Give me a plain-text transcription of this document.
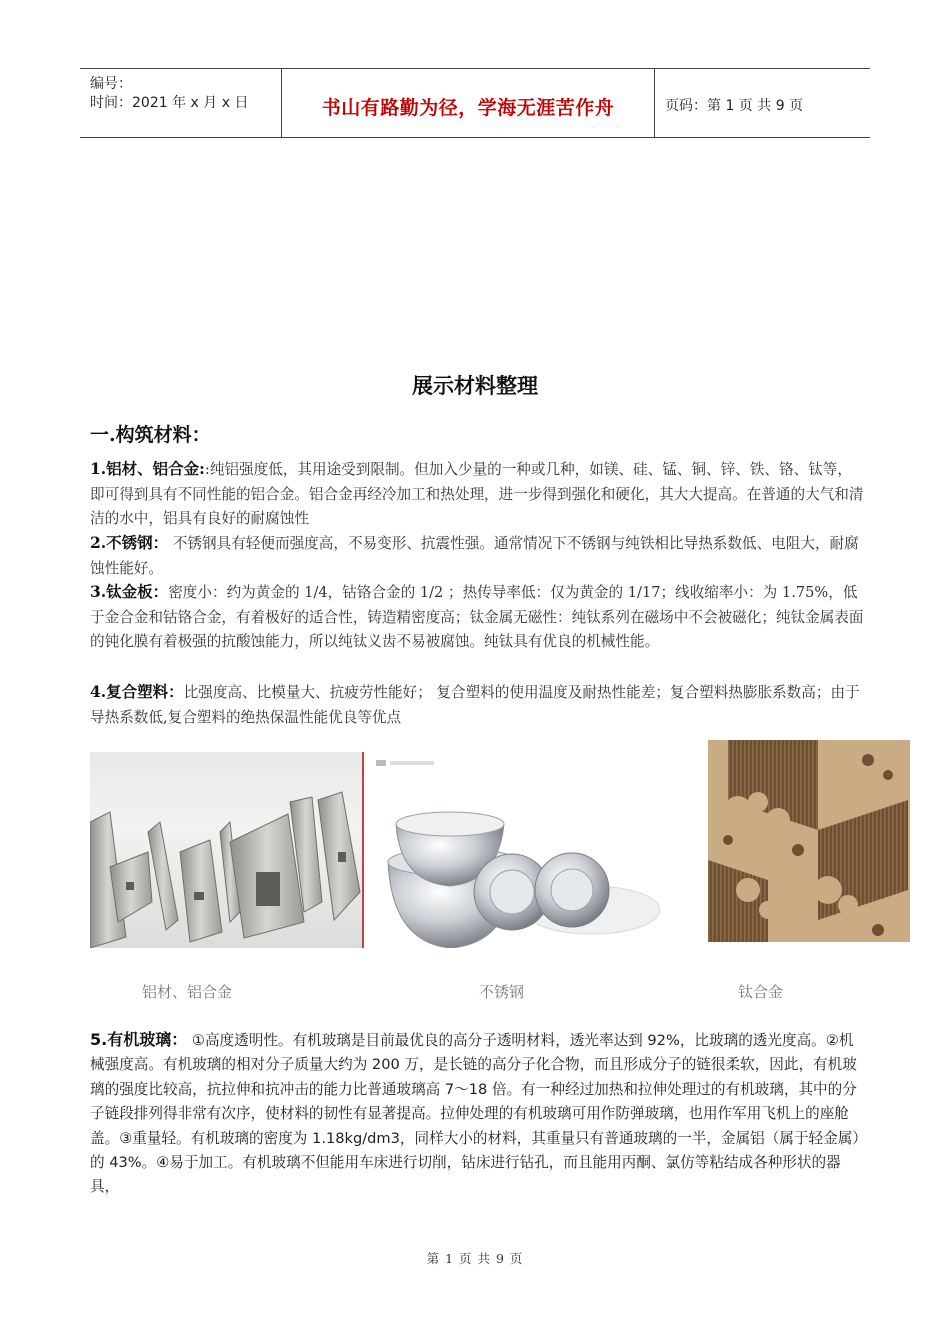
编号：
时间：2021 年 x 月 x 日	书山有路勤为径，学海无涯苦作舟	页码：第 1 页 共 9 页
展示材料整理
一.构筑材料：
1.铝材、铝合金::纯铝强度低，其用途受到限制。但加入少量的一种或几种，如镁、硅、锰、铜、锌、铁、铬、钛等，即可得到具有不同性能的铝合金。铝合金再经冷加工和热处理，进一步得到强化和硬化，其大大提高。在普通的大气和清洁的水中，铝具有良好的耐腐蚀性
2.不锈钢： 不锈钢具有轻便而强度高，不易变形、抗震性强。通常情况下不锈钢与纯铁相比导热系数低、电阻大，耐腐蚀性能好。
3.钛金板：密度小：约为黄金的 1/4，钴铬合金的 1/2 ；热传导率低：仅为黄金的 1/17；线收缩率小：为 1.75%，低于金合金和钴铬合金，有着极好的适合性，铸造精密度高；钛金属无磁性：纯钛系列在磁场中不会被磁化；纯钛金属表面的钝化膜有着极强的抗酸蚀能力，所以纯钛义齿不易被腐蚀。纯钛具有优良的机械性能。
4.复合塑料：比强度高、比模量大、抗疲劳性能好； 复合塑料的使用温度及耐热性能差；复合塑料热膨胀系数高；由于导热系数低,复合塑料的绝热保温性能优良等优点
铝材、铝合金	不锈钢	钛合金
5.有机玻璃： ①高度透明性。有机玻璃是目前最优良的高分子透明材料，透光率达到 92%，比玻璃的透光度高。②机械强度高。有机玻璃的相对分子质量大约为 200 万，是长链的高分子化合物，而且形成分子的链很柔软，因此，有机玻璃的强度比较高，抗拉伸和抗冲击的能力比普通玻璃高 7～18 倍。有一种经过加热和拉伸处理过的有机玻璃，其中的分子链段排列得非常有次序，使材料的韧性有显著提高。拉伸处理的有机玻璃可用作防弹玻璃，也用作军用飞机上的座舱盖。③重量轻。有机玻璃的密度为 1.18kg/dm3，同样大小的材料，其重量只有普通玻璃的一半，金属铝（属于轻金属）的 43%。④易于加工。有机玻璃不但能用车床进行切削，钻床进行钻孔，而且能用丙酮、氯仿等粘结成各种形状的器具，
第 1 页 共 9 页
